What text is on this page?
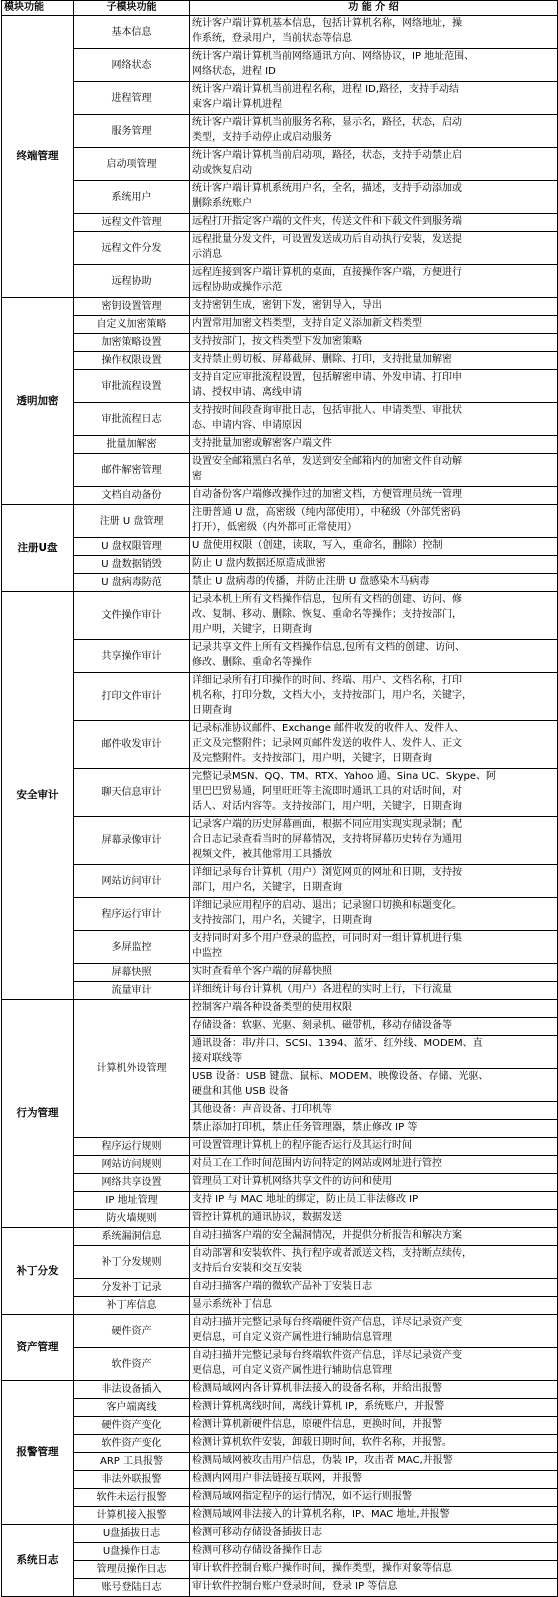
模块功能	子模块功能	功 能 介 绍
终端管理	基本信息	统计客户端计算机基本信息，包括计算机名称，网络地址，操
作系统，登录用户，当前状态等信息

	网络状态	统计客户端计算机当前网络通讯方向、网络协议，IP 地址范围、
网络状态，进程 ID

	进程管理	统计客户端计算机当前进程名称，进程 ID,路径，支持手动结
束客户端计算机进程

	服务管理	统计客户端计算机当前服务名称，显示名，路径，状态，启动
类型，支持手动停止或启动服务

	启动项管理	统计客户端计算机当前启动项，路径，状态，支持手动禁止启
动或恢复启动

	系统用户	统计客户端计算机系统用户名，全名，描述，支持手动添加或
删除系统账户

	远程文件管理	远程打开指定客户端的文件夹，传送文件和下载文件到服务端

	远程文件分发	远程批量分发文件，可设置发送成功后自动执行安装，发送提
示消息

	远程协助	远程连接到客户端计算机的桌面，直接操作客户端，方便进行
远程协助或操作示范

透明加密	密钥设置管理	支持密钥生成，密钥下发，密钥导入，导出

	自定义加密策略	内置常用加密文档类型，支持自定义添加新文档类型

	加密策略设置	支持按部门，按文档类型下发加密策略

	操作权限设置	支持禁止剪切板、屏幕截屏、删除、打印，支持批量加解密

	审批流程设置	支持自定应审批流程设置，包括解密申请、外发申请、打印申
请、授权申请、离线申请

	审批流程日志	支持按时间段查询审批日志，包括审批人、申请类型、审批状
态、申请内容、申请原因

	批量加解密	支持批量加密或解密客户端文件

	邮件解密管理	设置安全邮箱黑白名单，发送到安全邮箱内的加密文件自动解
密

	文档自动备份	自动备份客户端修改操作过的加密文档，方便管理员统一管理

注册U盘	注册 U 盘管理	注册普通 U 盘，高密级（纯内部使用），中秘级（外部凭密码
打开），低密级（内外都可正常使用）

	U 盘权限管理	U 盘使用权限（创建，读取，写入，重命名，删除）控制

	U 盘数据销毁	防止 U 盘内数据还原造成泄密

	U 盘病毒防范	禁止 U 盘病毒的传播，并防止注册 U 盘感染木马病毒

安全审计	文件操作审计	记录本机上所有文档操作信息，包所有文档的创建、访问、修
改、复制、移动、删除、恢复、重命名等操作；支持按部门，
用户明，关键字，日期查询

	共享操作审计	记录共享文件上所有文档操作信息,包所有文档的创建、访问、
修改、删除、重命名等操作

	打印文件审计	详细记录所有打印操作的时间、终端、用户、文档名称，打印
机名称，打印分数，文档大小，支持按部门，用户名，关键字，
日期查询

	邮件收发审计	记录标准协议邮件、Exchange 邮件收发的收件人、发件人、
正文及完整附件；记录网页邮件发送的收件人、发件人、正文
及完整附件。支持按部门，用户明，关键字，日期查询

	聊天信息审计	完整记录MSN、QQ、TM、RTX、Yahoo 通、Sina UC、Skype、阿
里巴巴贸易通，阿里旺旺等主流即时通讯工具的对话时间，对
话人、对话内容等。支持按部门，用户明，关键字，日期查询

	屏幕录像审计	记录客户端的历史屏幕画面，根据不同应用实现实现录制；配
合日志记录查看当时的屏幕情况，支持将屏幕历史转存为通用
视频文件，被其他常用工具播放

	网站访问审计	详细记录每台计算机（用户）浏览网页的网址和日期，支持按
部门，用户名，关键字，日期查询

	程序运行审计	详细记录应用程序的启动、退出；记录窗口切换和标题变化。
支持按部门，用户名，关键字，日期查询

	多屏监控	支持同时对多个用户登录的监控，可同时对一组计算机进行集
中监控

	屏幕快照	实时查看单个客户端的屏幕快照

	流量审计	详细统计每台计算机（用户）各进程的实时上行，下行流量

行为管理	计算机外设管理	控制客户端各种设备类型的使用权限

		存储设备：软驱、光驱、刻录机、磁带机，移动存储设备等

		通讯设备：串/并口、SCSI、1394、蓝牙、红外线、MODEM、直
接对联线等

		USB 设备：USB 键盘、鼠标、MODEM、映像设备、存储、光驱、
硬盘和其他 USB 设备

		其他设备：声音设备、打印机等

		禁止添加打印机，禁止任务管理器，禁止修改 IP 等

	程序运行规则	可设置管理计算机上的程序能否运行及其运行时间

	网站访问规则	对员工在工作时间范围内访问特定的网站或网址进行管控

	网络共享设置	管理员工对计算机网络共享文件的访问和使用

	IP 地址管理	支持 IP 与 MAC 地址的绑定，防止员工非法修改 IP

	防火墙规则	管控计算机的通讯协议，数据发送

补丁分发	系统漏洞信息	自动扫描客户端的安全漏洞情况，并提供分析报告和解决方案

	补丁分发规则	自动部署和安装软件、执行程序或者派送文档，支持断点续传，
支持后台安装和交互安装

	分发补丁记录	自动扫描客户端的微软产品补丁安装日志

	补丁库信息	显示系统补丁信息

资产管理	硬件资产	自动扫描并完整记录每台终端硬件资产信息，详尽记录资产变
更信息，可自定义资产属性进行辅助信息管理

	软件资产	自动扫描并完整记录每台终端软件资产信息，详尽记录资产变
更信息，可自定义资产属性进行辅助信息管理

报警管理	非法设备插入	检测局域网内各计算机非法接入的设备名称，并给出报警

	客户端离线	检测计算机离线时间，离线计算机 IP，系统账户，并报警

	硬件资产变化	检测计算机新硬件信息，原硬件信息，更换时间，并报警

	软件资产变化	检测计算机软件安装，卸载日期时间，软件名称，并报警。

	ARP 工具报警	检测局域网被攻击用户信息，伪装 IP，攻击者 MAC,并报警

	非法外联报警	检测内网用户非法链接互联网，并报警

	软件未运行报警	检测局域网指定程序的运行情况，如不运行则报警

	计算机接入报警	检测局域网非法接入的计算机名称，IP、MAC 地址,并报警

系统日志	U盘插拔日志	检测可移动存储设备插拔日志

	U盘操作日志	检测可移动存储设备操作日志

	管理员操作日志	审计软件控制台账户操作时间，操作类型，操作对象等信息

	账号登陆日志	审计软件控制台账户登录时间，登录 IP 等信息
